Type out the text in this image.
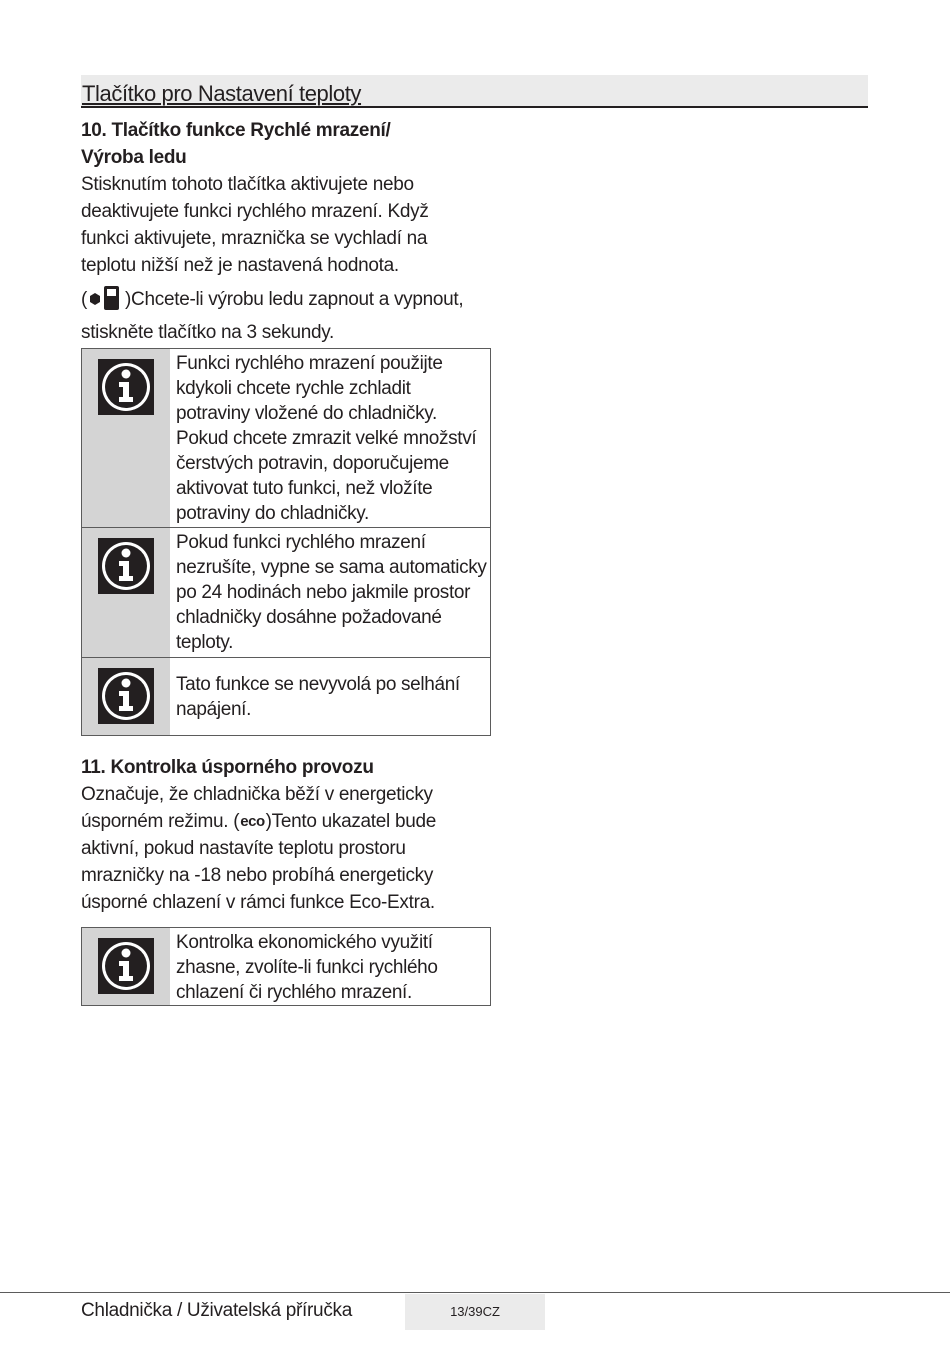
Tlačítko pro Nastavení teploty

10. Tlačítko funkce Rychlé mrazení/

Výroba ledu

Stisknutím tohoto tlačítka aktivujete nebo deaktivujete funkci rychlého mrazení. Když funkci aktivujete, mraznička se vychladí na teplotu nižší než je nastavená hodnota.

( )Chcete-li výrobu ledu zapnout a vypnout, stiskněte tlačítko na 3 sekundy.

Funkci rychlého mrazení použijte kdykoli chcete rychle zchladit potraviny vložené do chladničky. Pokud chcete zmrazit velké množství čerstvých potravin, doporučujeme aktivovat tuto funkci, než vložíte potraviny do chladničky.
Pokud funkci rychlého mrazení nezrušíte, vypne se sama automaticky po 24 hodinách nebo jakmile prostor chladničky dosáhne požadované teploty.
Tato funkce se nevyvolá po selhání napájení.

11. Kontrolka úsporného provozu

Označuje, že chladnička běží v energeticky úsporném režimu. (eco)Tento ukazatel bude aktivní, pokud nastavíte teplotu prostoru mrazničky na -18 nebo probíhá energeticky úsporné chlazení v rámci funkce Eco-Extra.

Kontrolka ekonomického využití zhasne, zvolíte-li funkci rychlého chlazení či rychlého mrazení.
Chladnička / Uživatelská příručka	13/39CZ
